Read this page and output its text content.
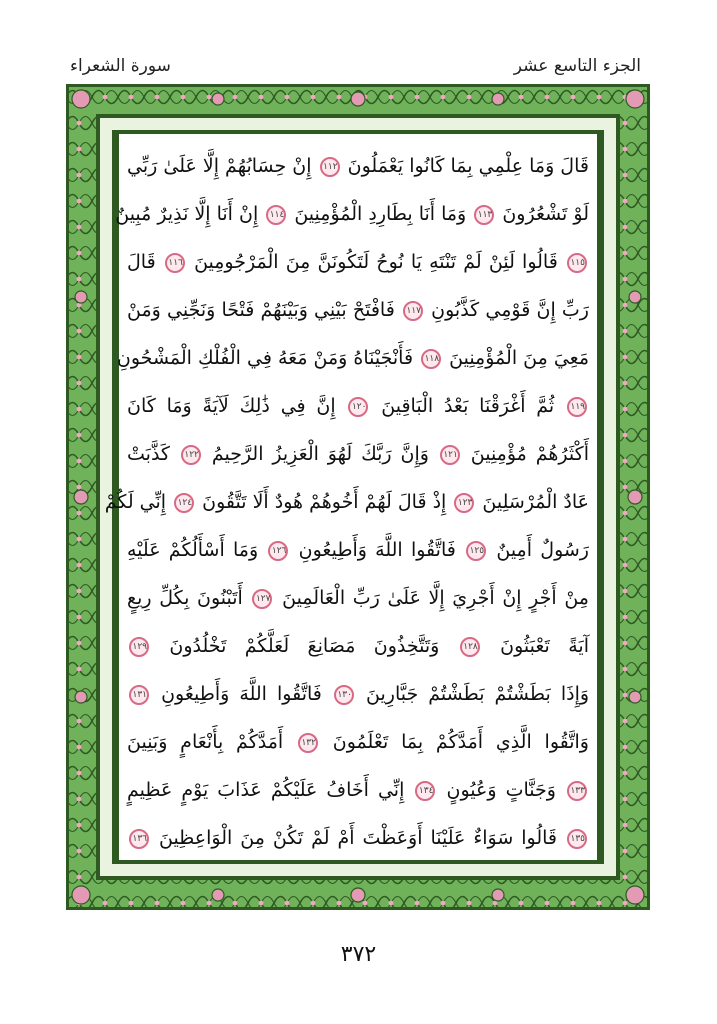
الجزء التاسع عشر
سورة الشعراء
قَالَ وَمَا عِلْمِي بِمَا كَانُوا يَعْمَلُونَ ١١٢ إِنْ حِسَابُهُمْ إِلَّا عَلَىٰ رَبِّي
لَوْ تَشْعُرُونَ ١١٣ وَمَا أَنَا بِطَارِدِ الْمُؤْمِنِينَ ١١٤ إِنْ أَنَا إِلَّا نَذِيرٌ مُبِينٌ
١١٥ قَالُوا لَئِنْ لَمْ تَنْتَهِ يَا نُوحُ لَتَكُونَنَّ مِنَ الْمَرْجُومِينَ ١١٦ قَالَ
رَبِّ إِنَّ قَوْمِي كَذَّبُونِ ١١٧ فَافْتَحْ بَيْنِي وَبَيْنَهُمْ فَتْحًا وَنَجِّنِي وَمَنْ
مَعِيَ مِنَ الْمُؤْمِنِينَ ١١٨ فَأَنْجَيْنَاهُ وَمَنْ مَعَهُ فِي الْفُلْكِ الْمَشْحُونِ
١١٩ ثُمَّ أَغْرَقْنَا بَعْدُ الْبَاقِينَ ١٢٠ إِنَّ فِي ذَٰلِكَ لَآيَةً وَمَا كَانَ
أَكْثَرُهُمْ مُؤْمِنِينَ ١٢١ وَإِنَّ رَبَّكَ لَهُوَ الْعَزِيزُ الرَّحِيمُ ١٢٢ كَذَّبَتْ
عَادٌ الْمُرْسَلِينَ ١٢٣ إِذْ قَالَ لَهُمْ أَخُوهُمْ هُودٌ أَلَا تَتَّقُونَ ١٢٤ إِنِّي لَكُمْ
رَسُولٌ أَمِينٌ ١٢٥ فَاتَّقُوا اللَّهَ وَأَطِيعُونِ ١٢٦ وَمَا أَسْأَلُكُمْ عَلَيْهِ
مِنْ أَجْرٍ إِنْ أَجْرِيَ إِلَّا عَلَىٰ رَبِّ الْعَالَمِينَ ١٢٧ أَتَبْنُونَ بِكُلِّ رِيعٍ
آيَةً تَعْبَثُونَ ١٢٨ وَتَتَّخِذُونَ مَصَانِعَ لَعَلَّكُمْ تَخْلُدُونَ ١٢٩
وَإِذَا بَطَشْتُمْ بَطَشْتُمْ جَبَّارِينَ ١٣٠ فَاتَّقُوا اللَّهَ وَأَطِيعُونِ ١٣١
وَاتَّقُوا الَّذِي أَمَدَّكُمْ بِمَا تَعْلَمُونَ ١٣٢ أَمَدَّكُمْ بِأَنْعَامٍ وَبَنِينَ
١٣٣ وَجَنَّاتٍ وَعُيُونٍ ١٣٤ إِنِّي أَخَافُ عَلَيْكُمْ عَذَابَ يَوْمٍ عَظِيمٍ
١٣٥ قَالُوا سَوَاءٌ عَلَيْنَا أَوَعَظْتَ أَمْ لَمْ تَكُنْ مِنَ الْوَاعِظِينَ ١٣٦
٣٧٢
